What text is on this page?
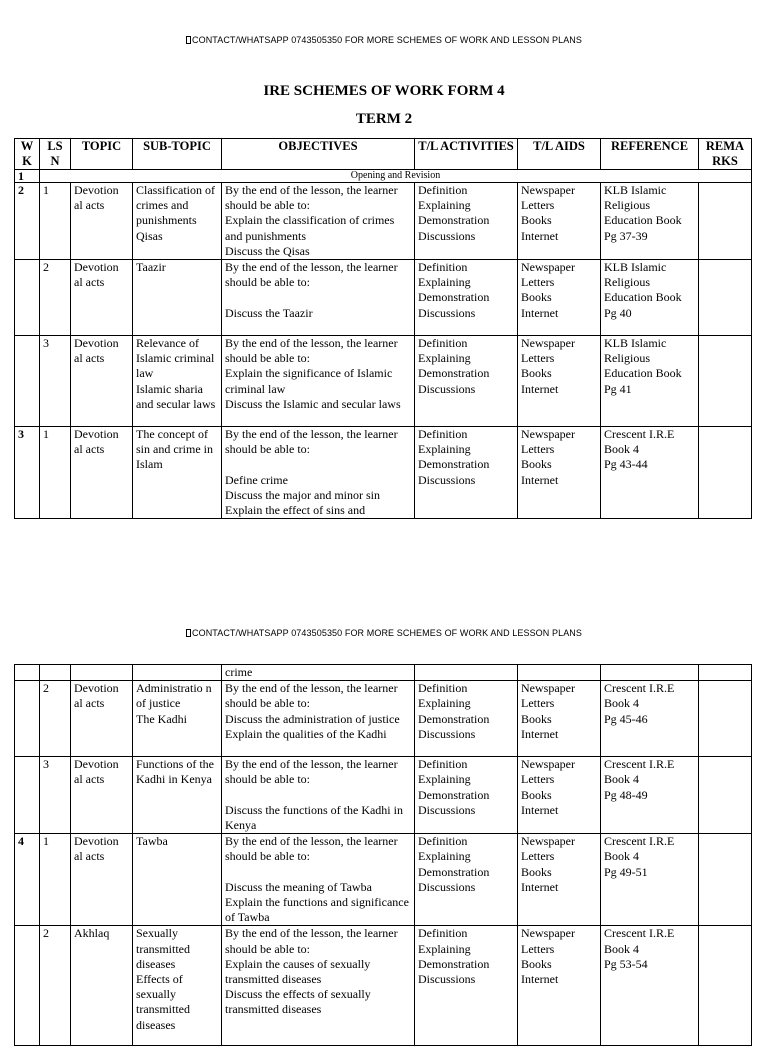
CONTACT/WHATSAPP 0743505350 FOR MORE SCHEMES OF WORK AND LESSON PLANS
IRE SCHEMES OF WORK FORM 4
TERM 2
W K	LS N	TOPIC	SUB-TOPIC	OBJECTIVES	T/L ACTIVITIES	T/L AIDS	REFERENCE	REMA RKS
1	Opening and Revision							
2	1	Devotion al acts	Classification of crimes and punishments
Qisas	By the end of the lesson, the learner should be able to:
Explain the classification of crimes and punishments
Discuss the Qisas	Definition
Explaining
Demonstration
Discussions	Newspaper
Letters
Books
Internet	KLB Islamic Religious Education Book
Pg 37-39	
	2	Devotion al acts	Taazir	By the end of the lesson, the learner should be able to:

Discuss the Taazir	Definition
Explaining
Demonstration
Discussions	Newspaper
Letters
Books
Internet	KLB Islamic Religious Education Book
Pg 40	
	3	Devotion al acts	Relevance of Islamic criminal law
Islamic sharia and secular laws	By the end of the lesson, the learner should be able to:
Explain the significance of Islamic criminal law
Discuss the Islamic and secular laws	Definition
Explaining
Demonstration
Discussions	Newspaper
Letters
Books
Internet	KLB Islamic Religious Education Book
Pg 41	
3	1	Devotion al acts	The concept of sin and crime in Islam	By the end of the lesson, the learner should be able to:

Define crime
Discuss the major and minor sin
Explain the effect of sins and	Definition
Explaining
Demonstration
Discussions	Newspaper
Letters
Books
Internet	Crescent I.R.E Book 4
Pg 43-44	
CONTACT/WHATSAPP 0743505350 FOR MORE SCHEMES OF WORK AND LESSON PLANS
				crime				
	2	Devotion al acts	Administratio n of justice
The Kadhi	By the end of the lesson, the learner should be able to:
Discuss the administration of justice
Explain the qualities of the Kadhi	Definition
Explaining
Demonstration
Discussions	Newspaper
Letters
Books
Internet	Crescent I.R.E Book 4
Pg 45-46	
	3	Devotion al acts	Functions of the Kadhi in Kenya	By the end of the lesson, the learner should be able to:

Discuss the functions of the Kadhi in Kenya	Definition
Explaining
Demonstration
Discussions	Newspaper
Letters
Books
Internet	Crescent I.R.E Book 4
Pg 48-49	
4	1	Devotion al acts	Tawba	By the end of the lesson, the learner should be able to:

Discuss the meaning of Tawba
Explain the functions and significance of Tawba	Definition
Explaining
Demonstration
Discussions	Newspaper
Letters
Books
Internet	Crescent I.R.E Book 4
Pg 49-51	
	2	Akhlaq	Sexually transmitted diseases
Effects of sexually transmitted diseases	By the end of the lesson, the learner should be able to:
Explain the causes of sexually transmitted diseases
Discuss the effects of sexually transmitted diseases	Definition
Explaining
Demonstration
Discussions	Newspaper
Letters
Books
Internet	Crescent I.R.E Book 4
Pg 53-54	
